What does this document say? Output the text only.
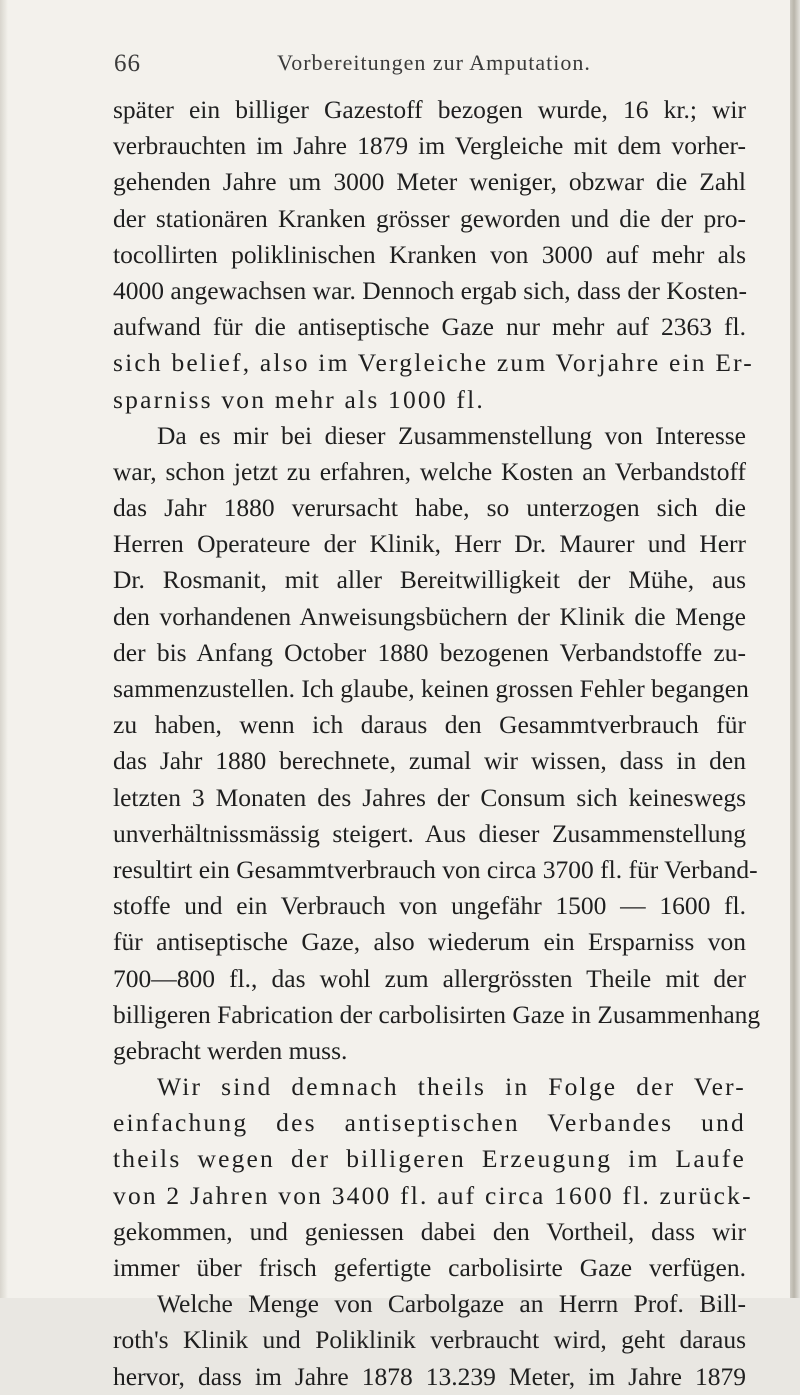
66	Vorbereitungen zur Amputation.
später ein billiger Gazestoff bezogen wurde, 16 kr.; wir
verbrauchten im Jahre 1879 im Vergleiche mit dem vorher-
gehenden Jahre um 3000 Meter weniger, obzwar die Zahl
der stationären Kranken grösser geworden und die der pro-
tocollirten poliklinischen Kranken von 3000 auf mehr als
4000 angewachsen war. Dennoch ergab sich, dass der Kosten-
aufwand für die antiseptische Gaze nur mehr auf 2363 fl.
sich belief, also im Vergleiche zum Vorjahre ein Er-
sparniss von mehr als 1000 fl.
Da es mir bei dieser Zusammenstellung von Interesse
war, schon jetzt zu erfahren, welche Kosten an Verbandstoff
das Jahr 1880 verursacht habe, so unterzogen sich die
Herren Operateure der Klinik, Herr Dr. Maurer und Herr
Dr. Rosmanit, mit aller Bereitwilligkeit der Mühe, aus
den vorhandenen Anweisungsbüchern der Klinik die Menge
der bis Anfang October 1880 bezogenen Verbandstoffe zu-
sammenzustellen. Ich glaube, keinen grossen Fehler begangen
zu haben, wenn ich daraus den Gesammtverbrauch für
das Jahr 1880 berechnete, zumal wir wissen, dass in den
letzten 3 Monaten des Jahres der Consum sich keineswegs
unverhältnissmässig steigert. Aus dieser Zusammenstellung
resultirt ein Gesammtverbrauch von circa 3700 fl. für Verband-
stoffe und ein Verbrauch von ungefähr 1500 — 1600 fl.
für antiseptische Gaze, also wiederum ein Ersparniss von
700—800 fl., das wohl zum allergrössten Theile mit der
billigeren Fabrication der carbolisirten Gaze in Zusammenhang
gebracht werden muss.
Wir sind demnach theils in Folge der Ver-
einfachung des antiseptischen Verbandes und
theils wegen der billigeren Erzeugung im Laufe
von 2 Jahren von 3400 fl. auf circa 1600 fl. zurück-
gekommen, und geniessen dabei den Vortheil, dass wir
immer über frisch gefertigte carbolisirte Gaze verfügen.
Welche Menge von Carbolgaze an Herrn Prof. Bill-
roth's Klinik und Poliklinik verbraucht wird, geht daraus
hervor, dass im Jahre 1878 13.239 Meter, im Jahre 1879
